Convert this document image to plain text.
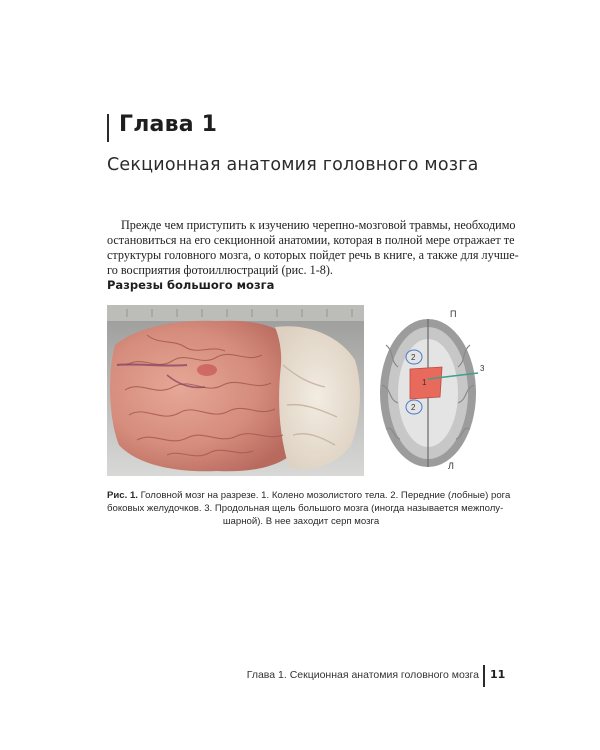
Глава 1
Секционная анатомия головного мозга

Прежде чем приступить к изучению черепно-мозговой травмы, необходимо
остановиться на его секционной анатомии, которая в полной мере отражает те
структуры головного мозга, о которых пойдет речь в книге, а также для лучше-
го восприятия фотоиллюстраций (рис. 1-8).

Разрезы большого мозга
П
Л
1
2
2
3

Рис. 1. Головной мозг на разрезе. 1. Колено мозолистого тела. 2. Передние (лобные) рога
боковых желудочков. 3. Продольная щель большого мозга (иногда называется межполу-
шарной). В нее заходит серп мозга

Глава 1. Секционная анатомия головного мозга 11
